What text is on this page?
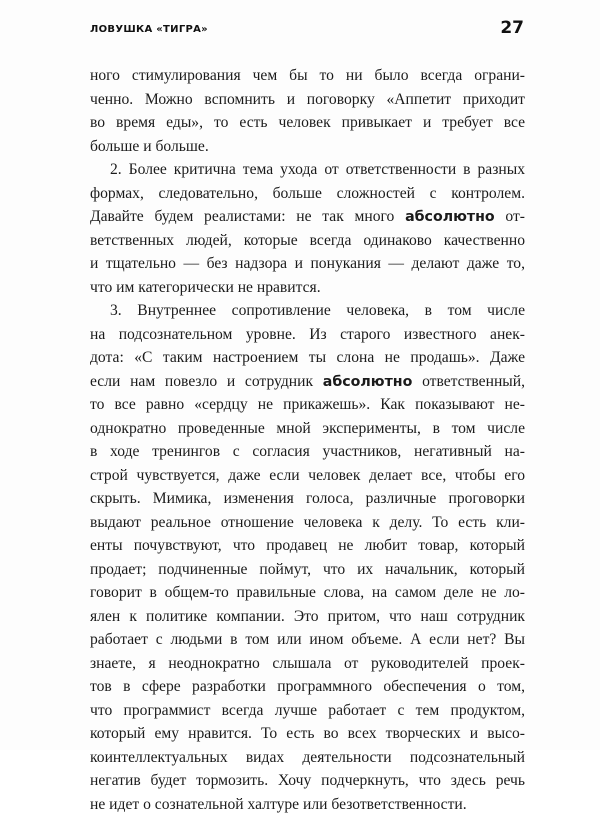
ЛОВУШКА «ТИГРА»	27
ного стимулирования чем бы то ни было всегда ограни-
ченно. Можно вспомнить и поговорку «Аппетит приходит
во время еды», то есть человек привыкает и требует все
больше и больше.
2. Более критична тема ухода от ответственности в разных
формах, следовательно, больше сложностей с контролем.
Давайте будем реалистами: не так много абсолютно от-
ветственных людей, которые всегда одинаково качественно
и тщательно — без надзора и понукания — делают даже то,
что им категорически не нравится.
3. Внутреннее сопротивление человека, в том числе
на подсознательном уровне. Из старого известного анек-
дота: «С таким настроением ты слона не продашь». Даже
если нам повезло и сотрудник абсолютно ответственный,
то все равно «сердцу не прикажешь». Как показывают не-
однократно проведенные мной эксперименты, в том числе
в ходе тренингов с согласия участников, негативный на-
строй чувствуется, даже если человек делает все, чтобы его
скрыть. Мимика, изменения голоса, различные проговорки
выдают реальное отношение человека к делу. То есть кли-
енты почувствуют, что продавец не любит товар, который
продает; подчиненные поймут, что их начальник, который
говорит в общем-то правильные слова, на самом деле не ло-
ялен к политике компании. Это притом, что наш сотрудник
работает с людьми в том или ином объеме. А если нет? Вы
знаете, я неоднократно слышала от руководителей проек-
тов в сфере разработки программного обеспечения о том,
что программист всегда лучше работает с тем продуктом,
который ему нравится. То есть во всех творческих и высо-
коинтеллектуальных видах деятельности подсознательный
негатив будет тормозить. Хочу подчеркнуть, что здесь речь
не идет о сознательной халтуре или безответственности.
